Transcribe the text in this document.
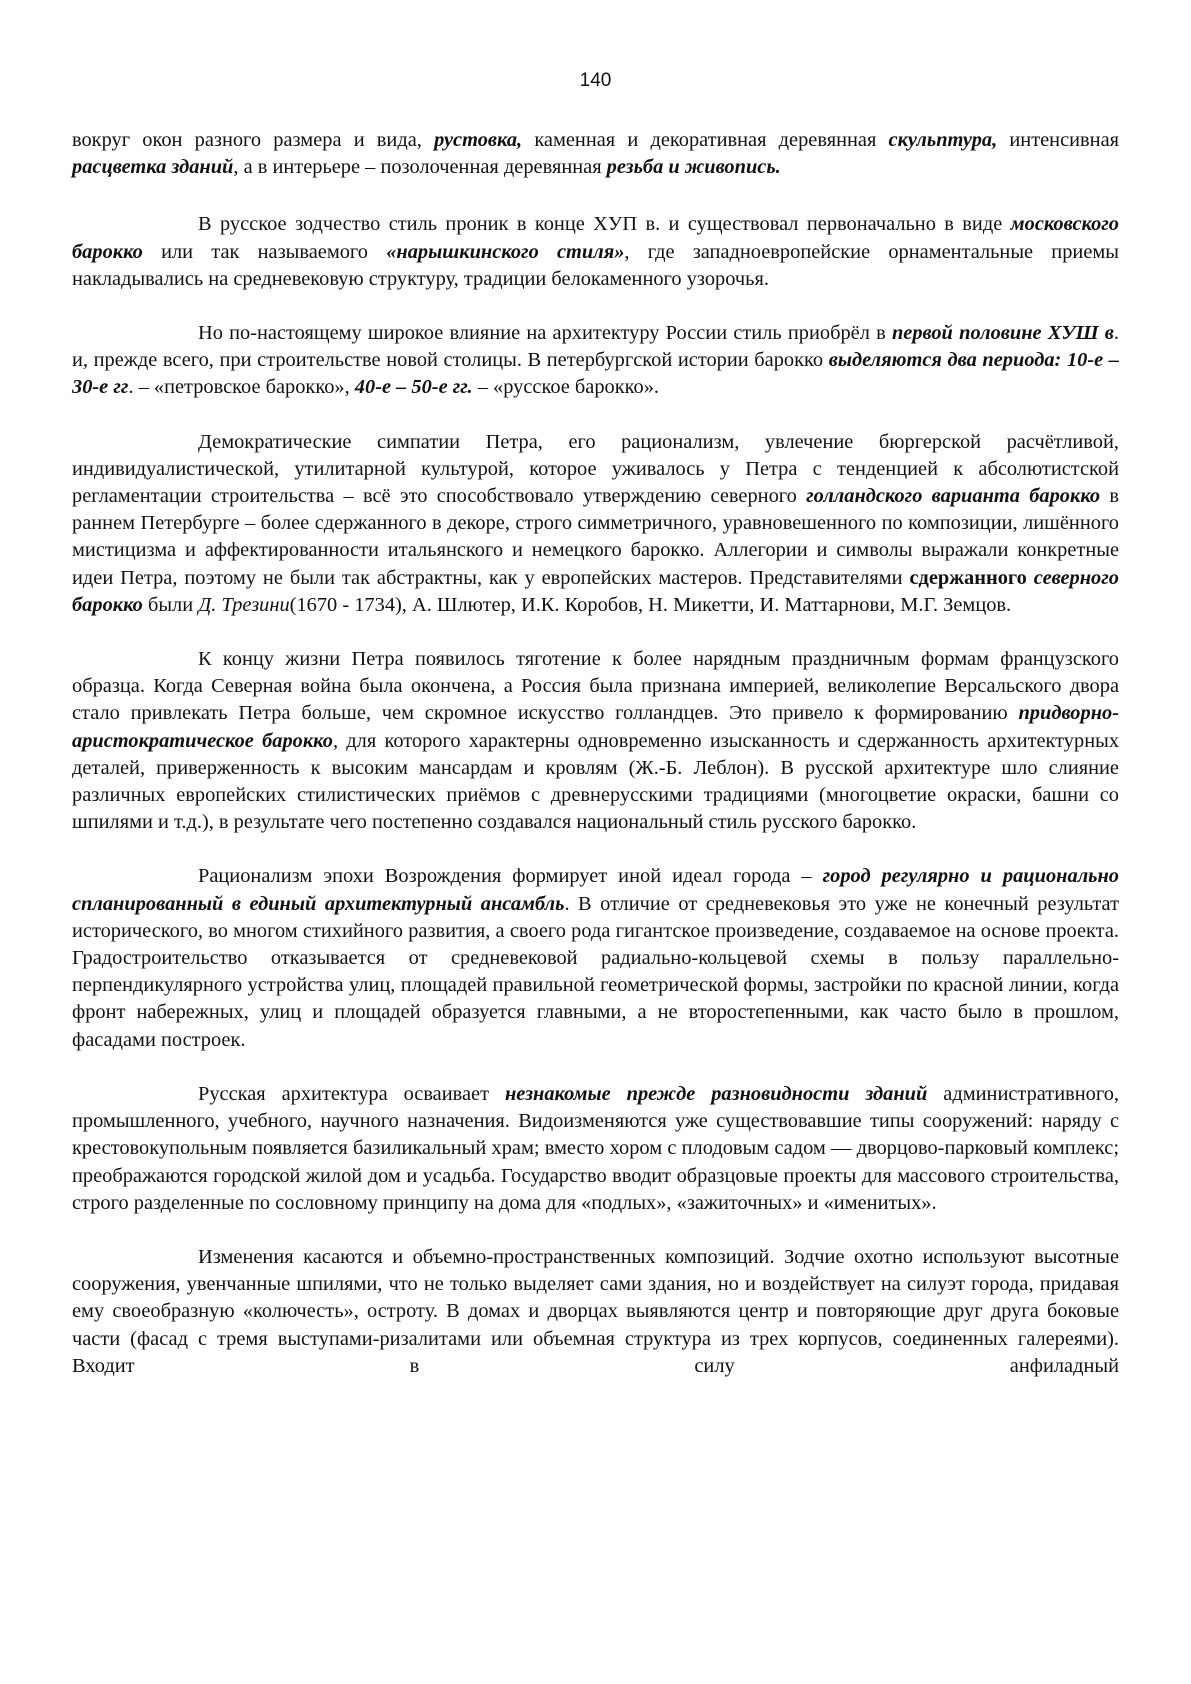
140

вокруг окон разного размера и вида, рустовка, каменная и декоративная деревянная скульптура, интенсивная расцветка зданий, а в интерьере – позолоченная деревянная резьба и живопись.

В русское зодчество стиль проник в конце ХУП в. и существовал первоначально в виде московского барокко или так называемого «нарышкинского стиля», где западноевропейские орнаментальные приемы накладывались на средневековую структуру, традиции белокаменного узорочья.

Но по-настоящему широкое влияние на архитектуру России стиль приобрёл в первой половине ХУШ в. и, прежде всего, при строительстве новой столицы. В петербургской истории барокко выделяются два периода: 10-е – 30-е гг. – «петровское барокко», 40-е – 50-е гг. – «русское барокко».

Демократические симпатии Петра, его рационализм, увлечение бюргерской расчётливой, индивидуалистической, утилитарной культурой, которое уживалось у Петра с тенденцией к абсолютистской регламентации строительства – всё это способствовало утверждению северного голландского варианта барокко в раннем Петербурге – более сдержанного в декоре, строго симметричного, уравновешенного по композиции, лишённого мистицизма и аффектированности итальянского и немецкого барокко. Аллегории и символы выражали конкретные идеи Петра, поэтому не были так абстрактны, как у европейских мастеров. Представителями сдержанного северного барокко были Д. Трезини(1670 - 1734), А. Шлютер, И.К. Коробов, Н. Микетти, И. Маттарнови, М.Г. Земцов.

К концу жизни Петра появилось тяготение к более нарядным праздничным формам французского образца. Когда Северная война была окончена, а Россия была признана империей, великолепие Версальского двора стало привлекать Петра больше, чем скромное искусство голландцев. Это привело к формированию придворно-аристократическое барокко, для которого характерны одновременно изысканность и сдержанность архитектурных деталей, приверженность к высоким мансардам и кровлям (Ж.-Б. Леблон). В русской архитектуре шло слияние различных европейских стилистических приёмов с древнерусскими традициями (многоцветие окраски, башни со шпилями и т.д.), в результате чего постепенно создавался национальный стиль русского барокко.

Рационализм эпохи Возрождения формирует иной идеал города – город регулярно и рационально спланированный в единый архитектурный ансамбль. В отличие от средневековья это уже не конечный результат исторического, во многом стихийного развития, а своего рода гигантское произведение, создаваемое на основе проекта. Градостроительство отказывается от средневековой радиально-кольцевой схемы в пользу параллельно-перпендикулярного устройства улиц, площадей правильной геометрической формы, застройки по красной линии, когда фронт набережных, улиц и площадей образуется главными, а не второстепенными, как часто было в прошлом, фасадами построек.

Русская архитектура осваивает незнакомые прежде разновидности зданий административного, промышленного, учебного, научного назначения. Видоизменяются уже существовавшие типы сооружений: наряду с крестовокупольным появляется базиликальный храм; вместо хором с плодовым садом — дворцово-парковый комплекс; преображаются городской жилой дом и усадьба. Государство вводит образцовые проекты для массового строительства, строго разделенные по сословному принципу на дома для «подлых», «зажиточных» и «именитых».

Изменения касаются и объемно-пространственных композиций. Зодчие охотно используют высотные сооружения, увенчанные шпилями, что не только выделяет сами здания, но и воздействует на силуэт города, придавая ему своеобразную «колючесть», остроту. В домах и дворцах выявляются центр и повторяющие друг друга боковые части (фасад с тремя выступами-ризалитами или объемная структура из трех корпусов, соединенных галереями). Входит в силу анфиладный
